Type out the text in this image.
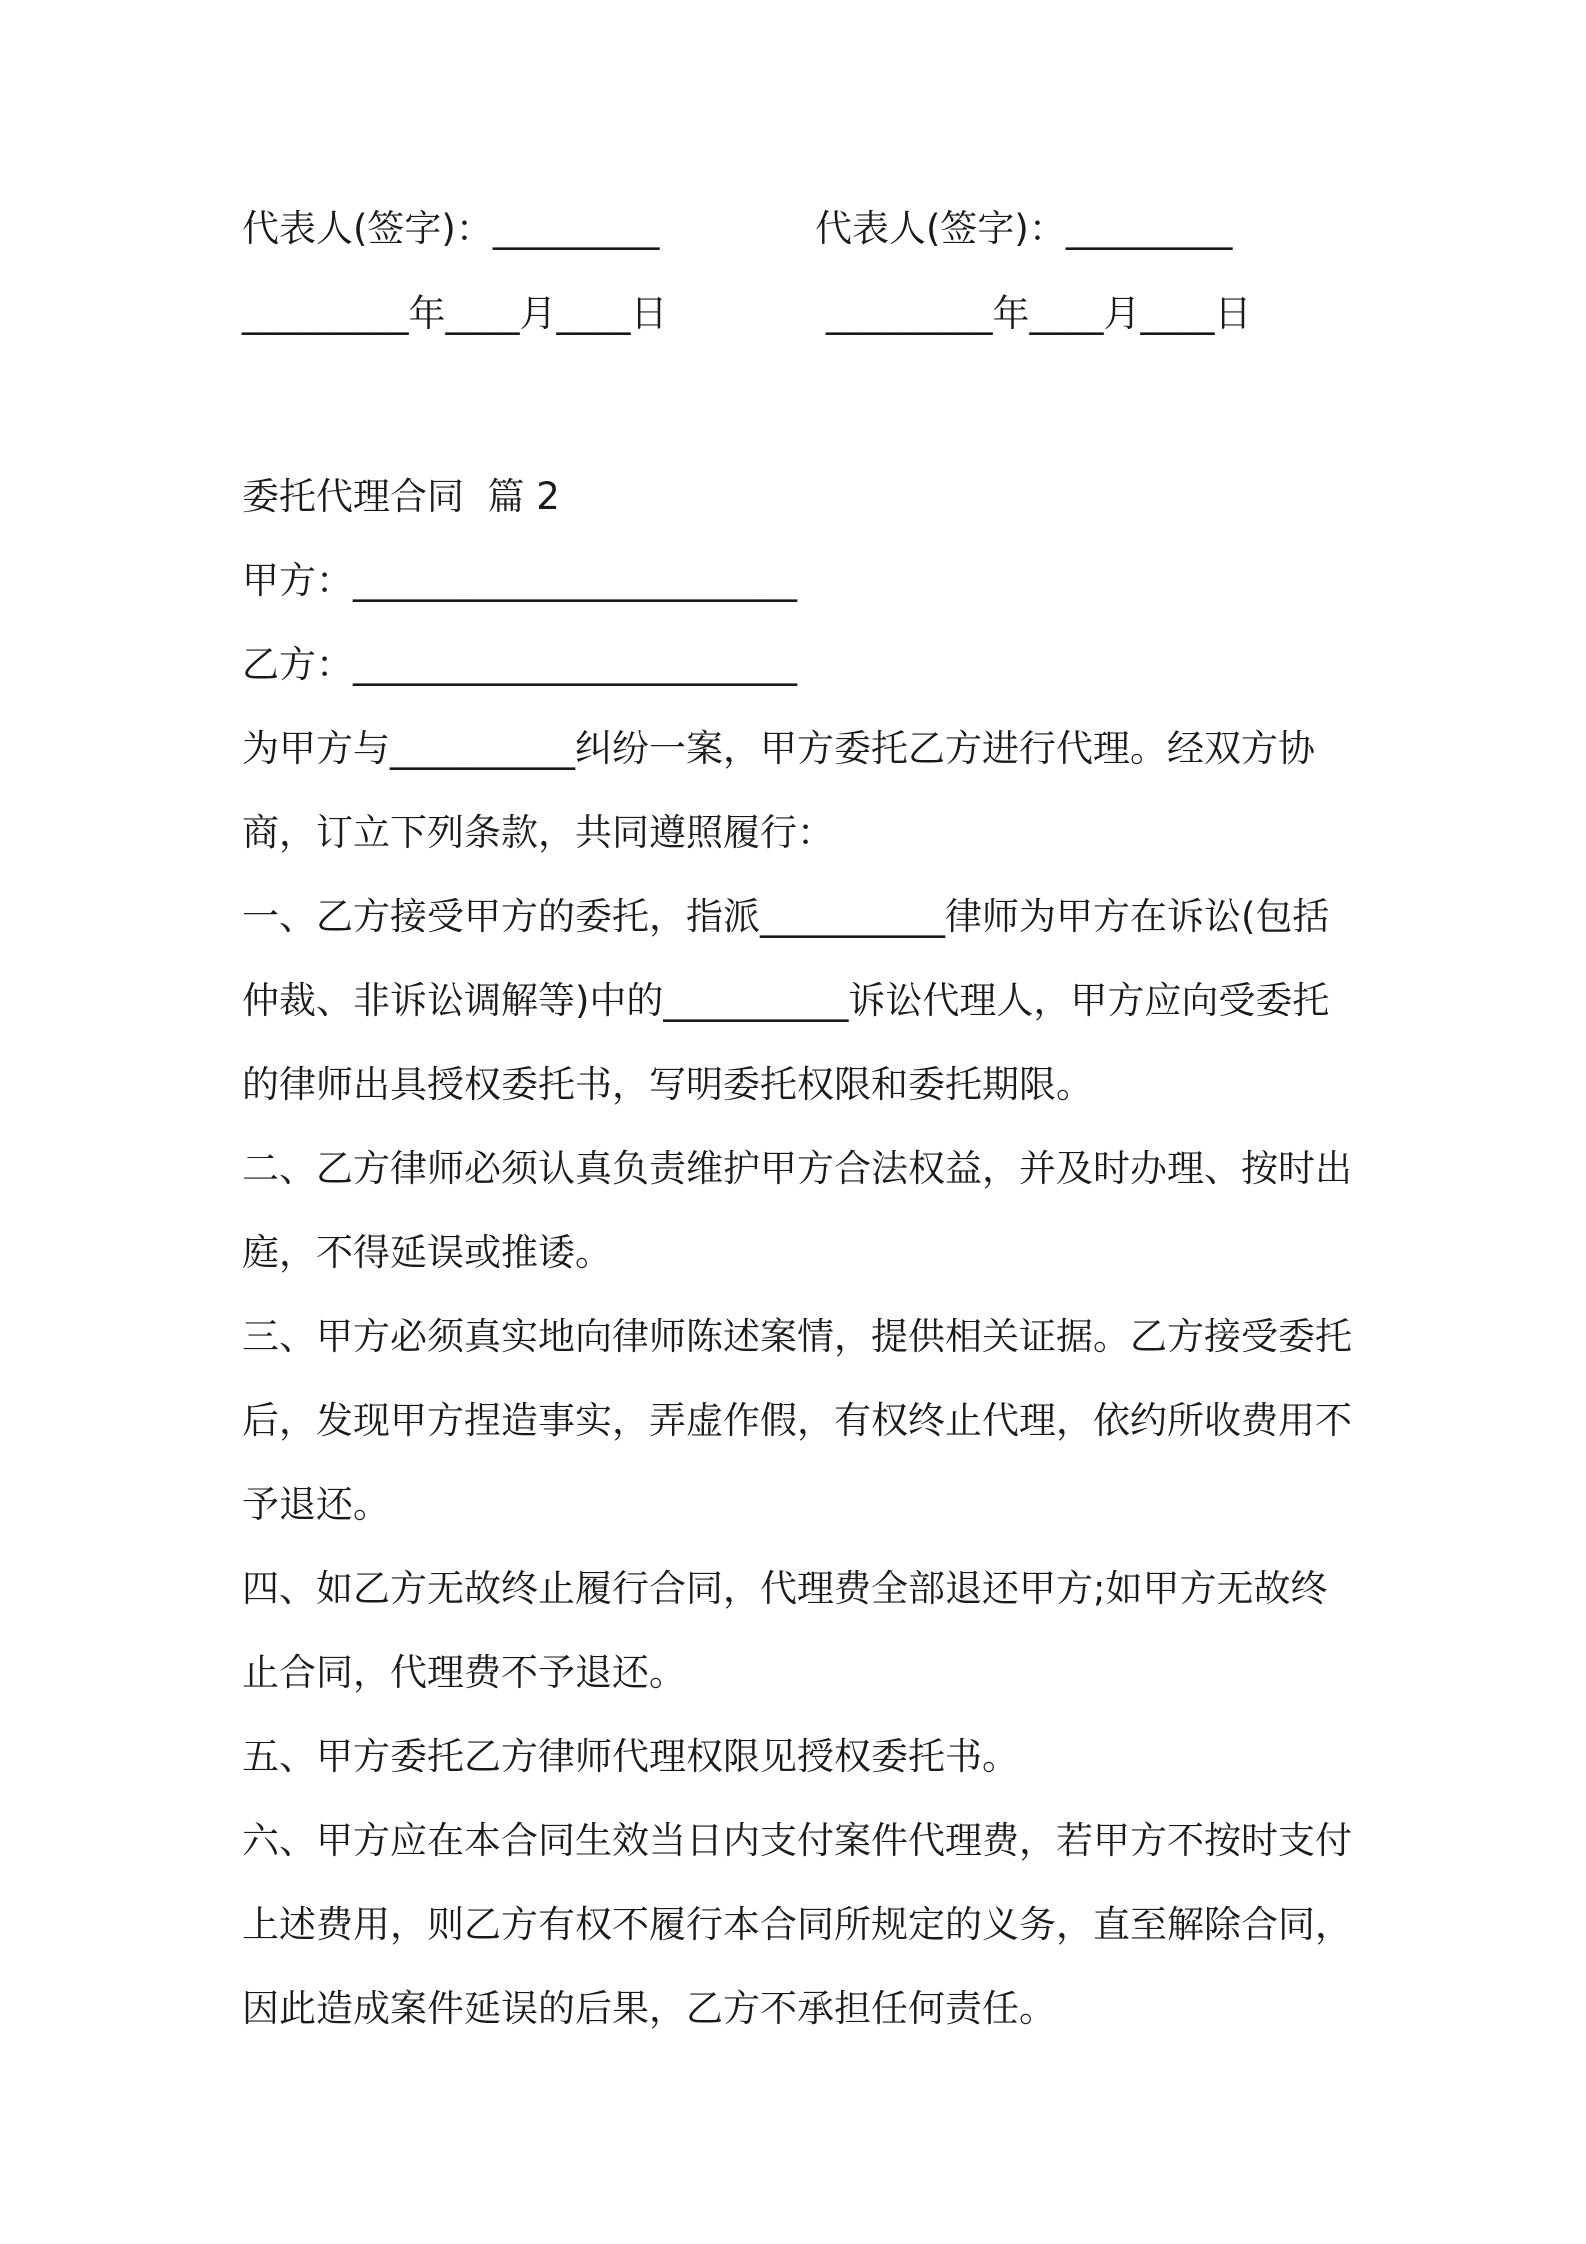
代表人(签字)：_________	代表人(签字)：_________
_________年____月____日	_________年____月____日
委托代理合同  篇 2
甲方：________________________
乙方：________________________
为甲方与__________纠纷一案，甲方委托乙方进行代理。经双方协
商，订立下列条款，共同遵照履行：
一、乙方接受甲方的委托，指派__________律师为甲方在诉讼(包括
仲裁、非诉讼调解等)中的__________诉讼代理人，甲方应向受委托
的律师出具授权委托书，写明委托权限和委托期限。
二、乙方律师必须认真负责维护甲方合法权益，并及时办理、按时出
庭，不得延误或推诿。
三、甲方必须真实地向律师陈述案情，提供相关证据。乙方接受委托
后，发现甲方捏造事实，弄虚作假，有权终止代理，依约所收费用不
予退还。
四、如乙方无故终止履行合同，代理费全部退还甲方;如甲方无故终
止合同，代理费不予退还。
五、甲方委托乙方律师代理权限见授权委托书。
六、甲方应在本合同生效当日内支付案件代理费，若甲方不按时支付
上述费用，则乙方有权不履行本合同所规定的义务，直至解除合同，
因此造成案件延误的后果，乙方不承担任何责任。
